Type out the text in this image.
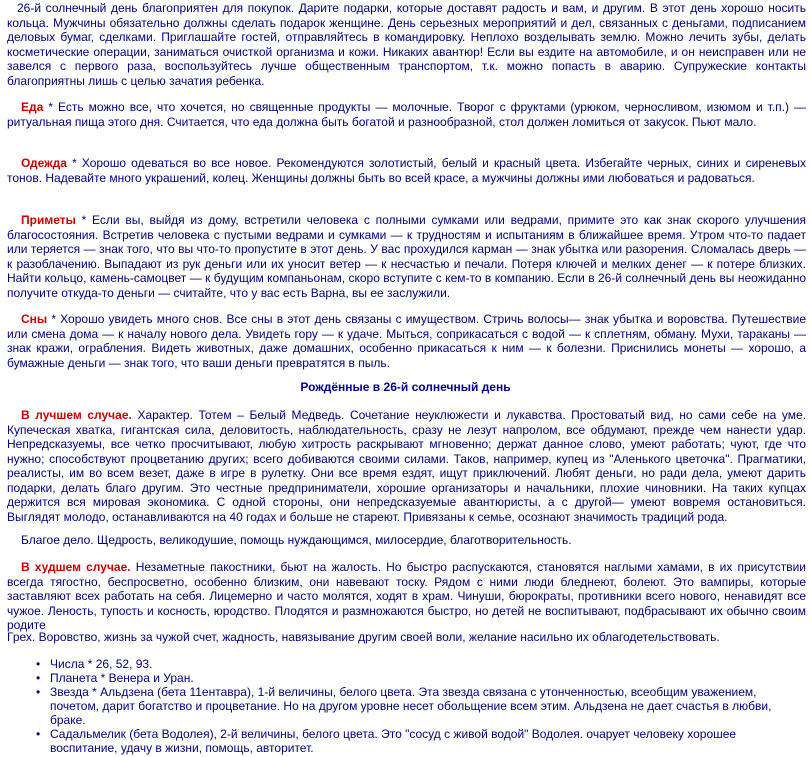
26-й солнечный день благоприятен для покупок. Дарите подарки, которые доставят радость и вам, и другим. В этот день хорошо носить кольца. Мужчины обязательно должны сделать подарок женщине. День серьезных мероприятий и дел, связанных с деньгами, подписанием деловых бумаг, сделками. Приглашайте гостей, отправляйтесь в командировку. Неплохо возделывать землю. Можно лечить зубы, делать косметические операции, заниматься очисткой организма и кожи. Никаких авантюр! Если вы ездите на автомобиле, и он неисправен или не завелся с первого раза, воспользуйтесь лучше общественным транспортом, т.к. можно попасть в аварию. Супружеские контакты благоприятны лишь с целью зачатия ребенка.

Еда * Есть можно все, что хочется, но священные продукты — молочные. Творог с фруктами (урюком, черносливом, изюмом и т.п.) — ритуальная пища этого дня. Считается, что еда должна быть богатой и разнообразной, стол должен ломиться от закусок. Пьют мало.

Одежда * Хорошо одеваться во все новое. Рекомендуются золотистый, белый и красный цвета. Избегайте черных, синих и сиреневых тонов. Надевайте много украшений, колец. Женщины должны быть во всей красе, а мужчины должны ими любоваться и радоваться.

Приметы * Если вы, выйдя из дому, встретили человека с полными сумками или ведрами, примите это как знак скорого улучшения благосостояния. Встретив человека с пустыми ведрами и сумками — к трудностям и испытаниям в ближайшее время. Утром что-то падает или теряется — знак того, что вы что-то пропустите в этот день. У вас прохудился карман — знак убытка или разорения. Сломалась дверь — к разоблачению. Выпадают из рук деньги или их уносит ветер — к несчастью и печали. Потеря ключей и мелких денег — к потере близких. Найти кольцо, камень-самоцвет — к будущим компаньонам, скоро вступите с кем-то в компанию. Если в 26-й солнечный день вы неожиданно получите откуда-то деньги — считайте, что у вас есть Варна, вы ее заслужили.

Сны * Хорошо увидеть много снов. Все сны в этот день связаны с имуществом. Стричь волосы— знак убытка и воровства. Путешествие или смена дома — к началу нового дела. Увидеть гору — к удаче. Мыться, соприкасаться с водой — к сплетням, обману. Мухи, тараканы — знак кражи, ограбления. Видеть животных, даже домашних, особенно прикасаться к ним — к болезни. Приснились монеты — хорошо, а бумажные деньги — знак того, что ваши деньги превратятся в пыль.

Рождённые в 26-й солнечный день

В лучшем случае. Характер. Тотем – Белый Медведь. Сочетание неуклюжести и лукавства. Простоватый вид, но сами себе на уме. Купеческая хватка, гигантская сила, деловитость, наблюдательность, сразу не лезут напролом, все обдумают, прежде чем нанести удар. Непредсказуемы, все четко просчитывают, любую хитрость раскрывают мгновенно; держат данное слово, умеют работать; чуют, где что нужно; способствуют процветанию других; всего добиваются своими силами. Таков, например, купец из "Аленького цветочка". Прагматики, реалисты, им во всем везет, даже в игре в рулетку. Они все время ездят, ищут приключений. Любят деньги, но ради дела, умеют дарить подарки, делать благо другим. Это честные предприниматели, хорошие организаторы и начальники, плохие чиновники. На таких купцах держится вся мировая экономика. С одной стороны, они непредсказуемые авантюристы, а с другой— умеют вовремя остановиться. Выглядят молодо, останавливаются на 40 годах и больше не стареют. Привязаны к семье, осознают значимость традиций рода.

Благое дело. Щедрость, великодушие, помощь нуждающимся, милосердие, благотворительность.

В худшем случае. Незаметные пакостники, бьют на жалость. Но быстро распускаются, становятся наглыми хамами, в их присутствии всегда тягостно, беспросветно, особенно близким, они навевают тоску. Рядом с ними люди бледнеют, болеют. Это вампиры, которые заставляют всех работать на себя. Лицемерно и часто молятся, ходят в храм. Чинуши, бюрократы, противники всего нового, ненавидят все чужое. Леность, тупость и косность, юродство. Плодятся и размножаются быстро, но детей не воспитывают, подбрасывают их обычно своим родите

Грех. Воровство, жизнь за чужой счет, жадность, навязывание другим своей воли, желание насильно их облагодетельствовать.

• Числа * 26, 52, 93.
• Планета * Венера и Уран.
• Звезда * Альдзена (бета 11ентавра), 1-й величины, белого цвета. Эта звезда связана с утонченностью, всеобщим уважением, почетом, дарит богатство и процветание. Но на другом уровне несет обольщение всем этим. Альдзена не дает счастья в любви, браке.
• Садальмелик (бета Водолея), 2-й величины, белого цвета. Это "сосуд с живой водой" Водолея. очарует человеку хорошее воспитание, удачу в жизни, помощь, авторитет.
